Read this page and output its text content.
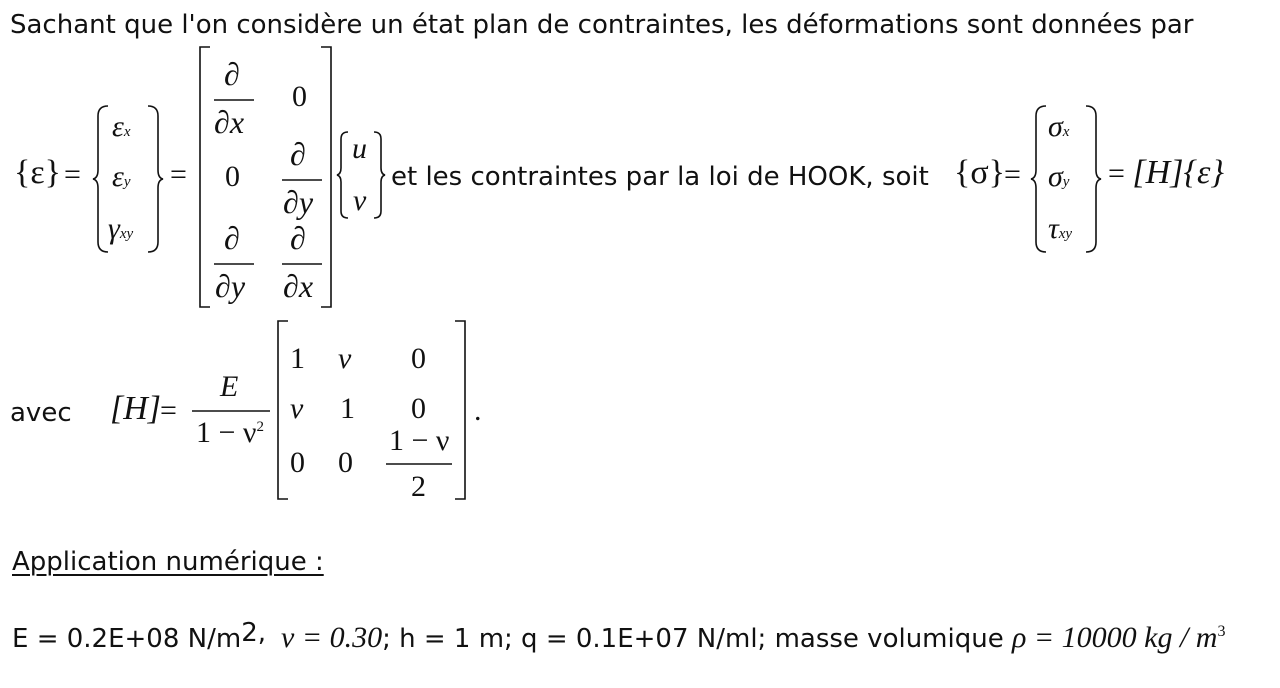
Sachant que l'on considère un état plan de contraintes, les déformations sont données par
{ε} =
εx
εy
γxy
=
∂
∂x
0
0
∂
∂y
∂
∂y
∂
∂x
u
v
et les contraintes par la loi de HOOK, soit {σ} =
σx
σy
τxy
= [H]{ε}
avec [H]
=
E
$1 - \nu^2$
1 ν 0
ν 1 0
0 0
1 − ν
2
.
Application numérique :
E = 0.2E+08 N/m2, ν = 0.30; h = 1 m; q = 0.1E+07 N/ml; masse volumique ρ = 10000 kg / $m^3$
